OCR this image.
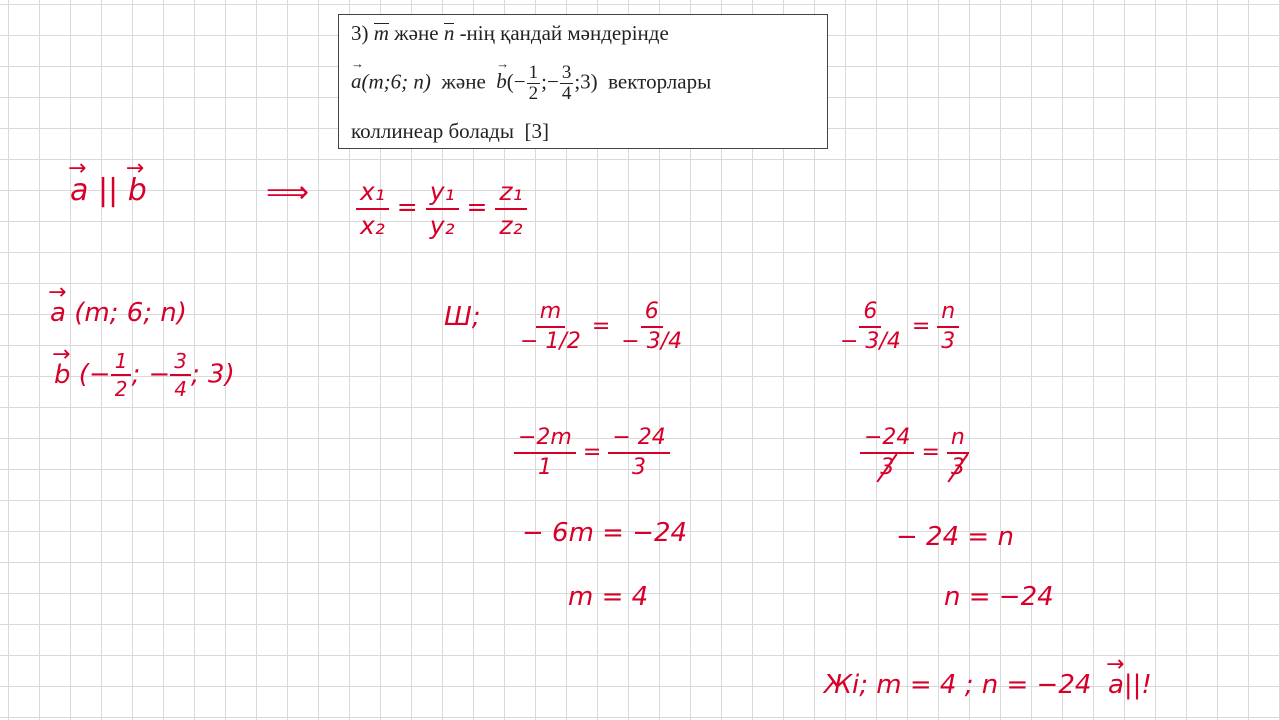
3) m және n -нің қандай мәндерінде
→ a(m;6; n) және → $b(- \frac{1}{2}$ ;− $\frac{3}{4}$ ;3) векторлары
коллинеар болады [3]
→ a || → b	⟹ $\frac{\text{x₁}}{\text{x₂}} = \frac{\text{y₁}}{\text{y₂}} = \frac{\text{z₁}}{\text{z₂}}$
→ a (m; 6; n)
→ b (− $\frac{1}{2}$ ; − $\frac{3}{4}$ ; 3)
Ш; $\frac{m}{- 1/2} = \frac{6}{- 3/4}$
$\frac{-2m}{1} = \frac{- 24}{3}$
− 6m = −24
m = 4
$\frac{6}{- 3/4} = \frac{n}{3}$
$\frac{-24}{3} = \frac{n}{3}$
− 24 = n
n = −24
Жі; m = 4 ; n = −24 → a||!
